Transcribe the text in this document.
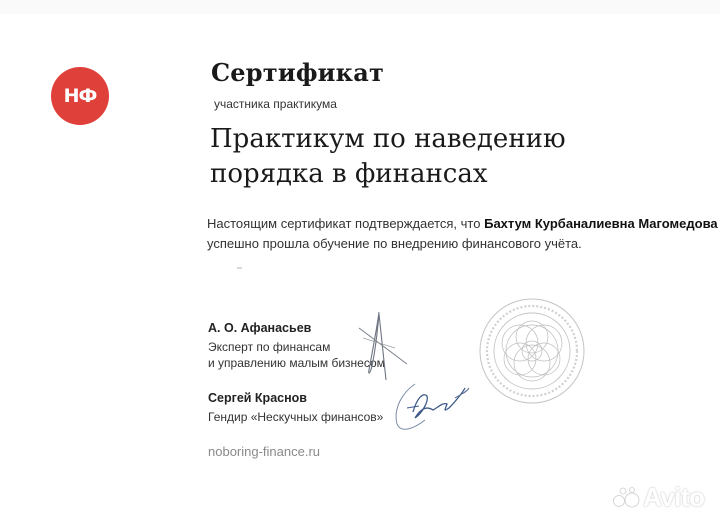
НФ
Сертификат
участника практикума
Практикум по наведению
порядка в финансах
Настоящим сертификат подтверждается, что Бахтум Курбаналиевна Магомедова
успешно прошла обучение по внедрению финансового учёта.
А. О. Афанасьев
Эксперт по финансам
и управлению малым бизнесом
Сергей Краснов
Гендир «Нескучных финансов»
noboring-finance.ru
Avito
